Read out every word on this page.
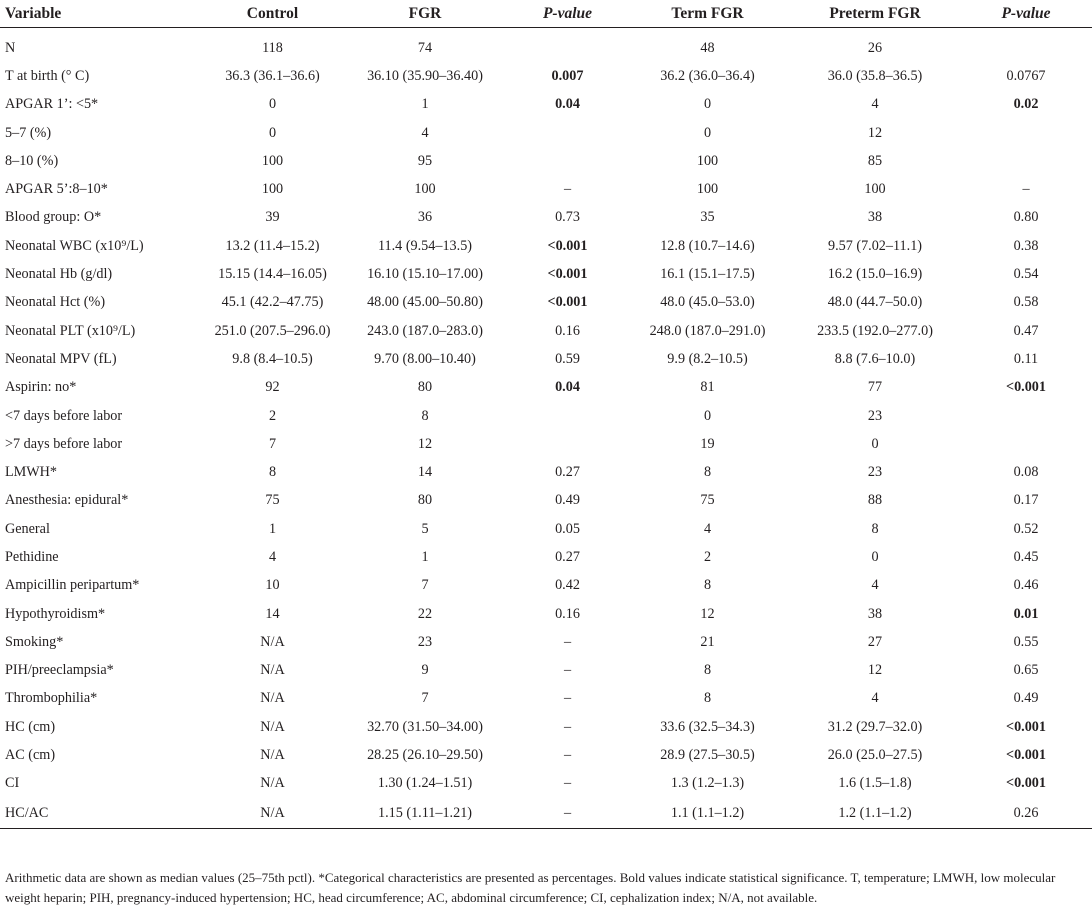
Variable	Control	FGR	P-value	Term FGR	Preterm FGR	P-value
N	118	74		48	26	
T at birth (° C)	36.3 (36.1–36.6)	36.10 (35.90–36.40)	0.007	36.2 (36.0–36.4)	36.0 (35.8–36.5)	0.0767
APGAR 1’: <5*	0	1	0.04	0	4	0.02
5–7 (%)	0	4		0	12	
8–10 (%)	100	95		100	85	
APGAR 5’:8–10*	100	100	–	100	100	–
Blood group: O*	39	36	0.73	35	38	0.80
Neonatal WBC (x10⁹/L)	13.2 (11.4–15.2)	11.4 (9.54–13.5)	<0.001	12.8 (10.7–14.6)	9.57 (7.02–11.1)	0.38
Neonatal Hb (g/dl)	15.15 (14.4–16.05)	16.10 (15.10–17.00)	<0.001	16.1 (15.1–17.5)	16.2 (15.0–16.9)	0.54
Neonatal Hct (%)	45.1 (42.2–47.75)	48.00 (45.00–50.80)	<0.001	48.0 (45.0–53.0)	48.0 (44.7–50.0)	0.58
Neonatal PLT (x10⁹/L)	251.0 (207.5–296.0)	243.0 (187.0–283.0)	0.16	248.0 (187.0–291.0)	233.5 (192.0–277.0)	0.47
Neonatal MPV (fL)	9.8 (8.4–10.5)	9.70 (8.00–10.40)	0.59	9.9 (8.2–10.5)	8.8 (7.6–10.0)	0.11
Aspirin: no*	92	80	0.04	81	77	<0.001
<7 days before labor	2	8		0	23	
>7 days before labor	7	12		19	0	
LMWH*	8	14	0.27	8	23	0.08
Anesthesia: epidural*	75	80	0.49	75	88	0.17
General	1	5	0.05	4	8	0.52
Pethidine	4	1	0.27	2	0	0.45
Ampicillin peripartum*	10	7	0.42	8	4	0.46
Hypothyroidism*	14	22	0.16	12	38	0.01
Smoking*	N/A	23	–	21	27	0.55
PIH/preeclampsia*	N/A	9	–	8	12	0.65
Thrombophilia*	N/A	7	–	8	4	0.49
HC (cm)	N/A	32.70 (31.50–34.00)	–	33.6 (32.5–34.3)	31.2 (29.7–32.0)	<0.001
AC (cm)	N/A	28.25 (26.10–29.50)	–	28.9 (27.5–30.5)	26.0 (25.0–27.5)	<0.001
CI	N/A	1.30 (1.24–1.51)	–	1.3 (1.2–1.3)	1.6 (1.5–1.8)	<0.001
HC/AC	N/A	1.15 (1.11–1.21)	–	1.1 (1.1–1.2)	1.2 (1.1–1.2)	0.26
Arithmetic data are shown as median values (25–75th pctl). *Categorical characteristics are presented as percentages. Bold values indicate statistical significance. T, temperature; LMWH, low molecular weight heparin; PIH, pregnancy-induced hypertension; HC, head circumference; AC, abdominal circumference; CI, cephalization index; N/A, not available.
